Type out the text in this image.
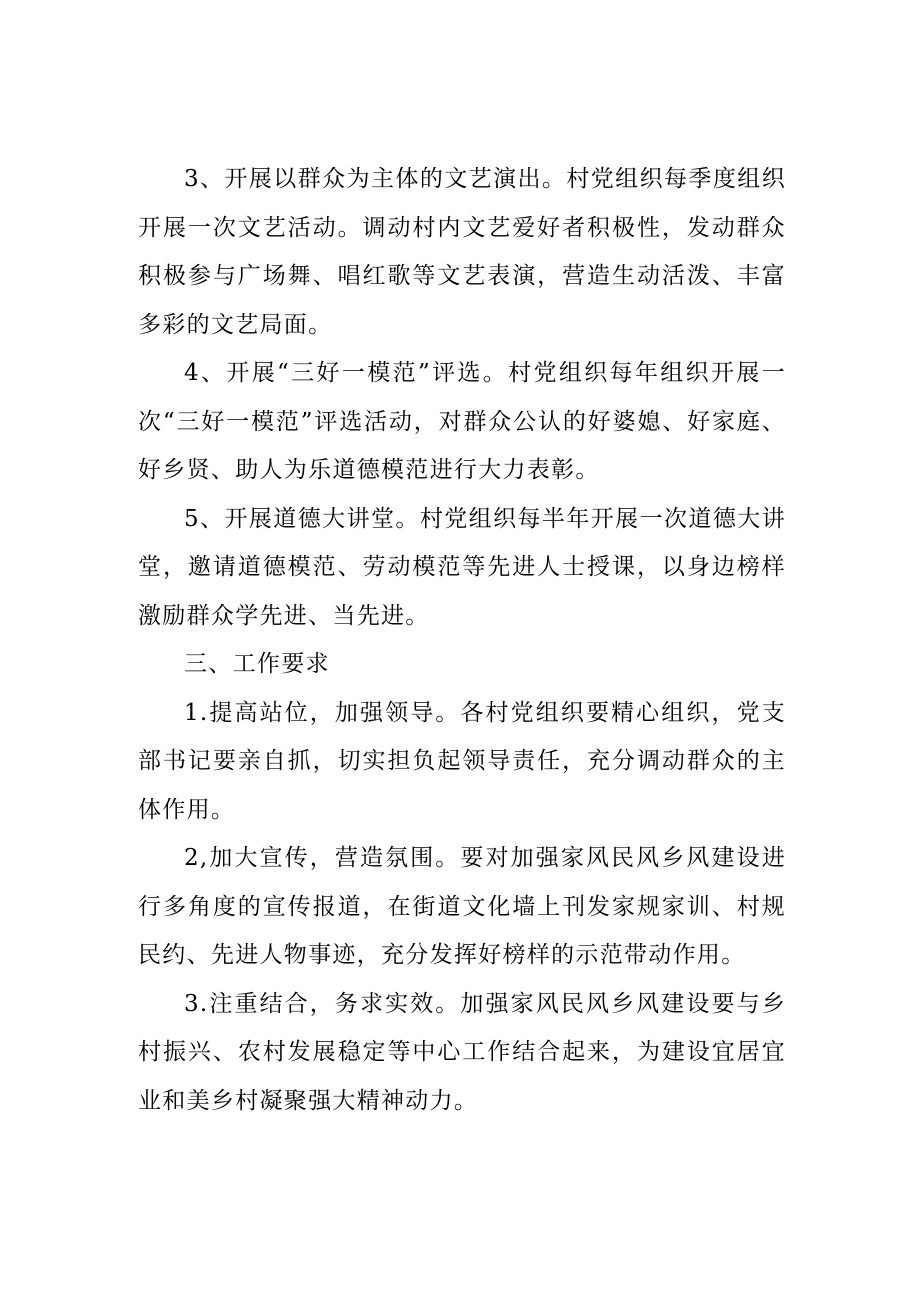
3、开展以群众为主体的文艺演出。村党组织每季度组织开展一次文艺活动。调动村内文艺爱好者积极性，发动群众积极参与广场舞、唱红歌等文艺表演，营造生动活泼、丰富多彩的文艺局面。

4、开展“三好一模范”评选。村党组织每年组织开展一次“三好一模范”评选活动，对群众公认的好婆媳、好家庭、好乡贤、助人为乐道德模范进行大力表彰。

5、开展道德大讲堂。村党组织每半年开展一次道德大讲堂，邀请道德模范、劳动模范等先进人士授课，以身边榜样激励群众学先进、当先进。

三、工作要求

1.提高站位，加强领导。各村党组织要精心组织，党支部书记要亲自抓，切实担负起领导责任，充分调动群众的主体作用。

2,加大宣传，营造氛围。要对加强家风民风乡风建设进行多角度的宣传报道，在街道文化墙上刊发家规家训、村规民约、先进人物事迹，充分发挥好榜样的示范带动作用。

3.注重结合，务求实效。加强家风民风乡风建设要与乡村振兴、农村发展稳定等中心工作结合起来，为建设宜居宜业和美乡村凝聚强大精神动力。
